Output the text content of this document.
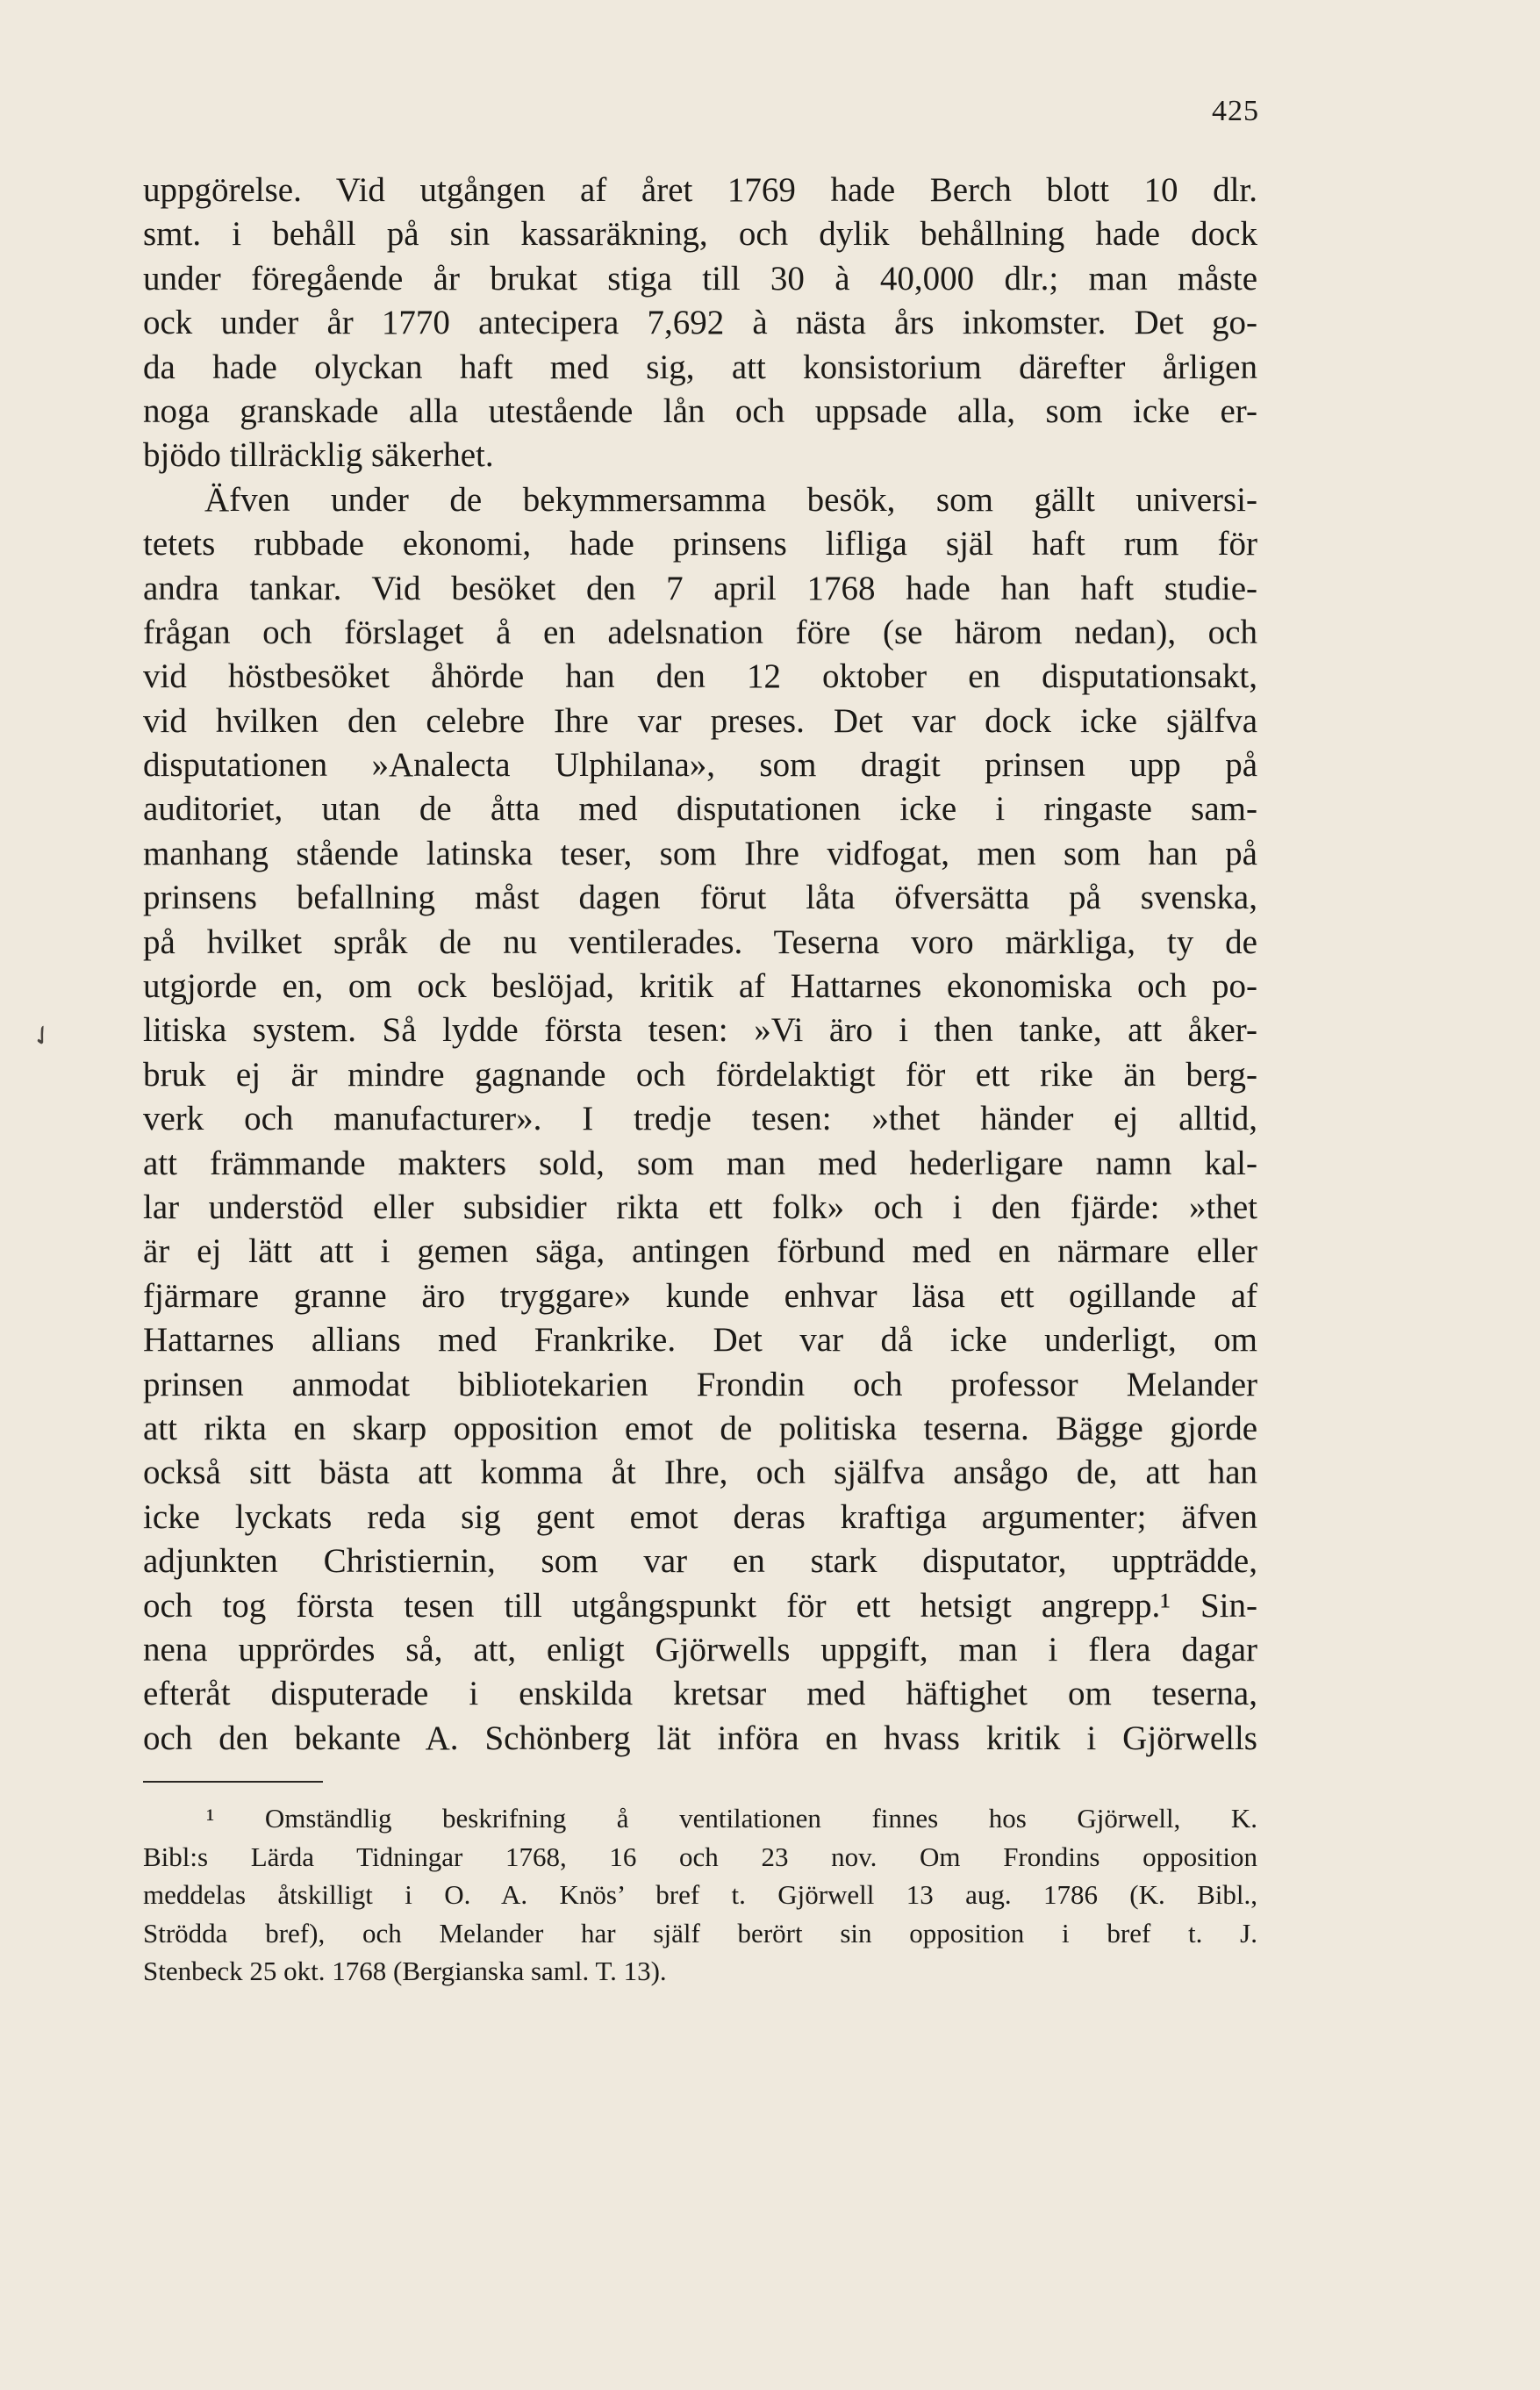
425
✓
uppgörelse. Vid utgången af året 1769 hade Berch blott 10 dlr.
smt. i behåll på sin kassaräkning, och dylik behållning hade dock
under föregående år brukat stiga till 30 à 40,000 dlr.; man måste
ock under år 1770 antecipera 7,692 à nästa års inkomster. Det go-
da hade olyckan haft med sig, att konsistorium därefter årligen
noga granskade alla utestående lån och uppsade alla, som icke er-
bjödo tillräcklig säkerhet.
Äfven under de bekymmersamma besök, som gällt universi-
tetets rubbade ekonomi, hade prinsens lifliga själ haft rum för
andra tankar. Vid besöket den 7 april 1768 hade han haft studie-
frågan och förslaget å en adelsnation före (se härom nedan), och
vid höstbesöket åhörde han den 12 oktober en disputationsakt,
vid hvilken den celebre Ihre var preses. Det var dock icke själfva
disputationen »Analecta Ulphilana», som dragit prinsen upp på
auditoriet, utan de åtta med disputationen icke i ringaste sam-
manhang stående latinska teser, som Ihre vidfogat, men som han på
prinsens befallning måst dagen förut låta öfversätta på svenska,
på hvilket språk de nu ventilerades. Teserna voro märkliga, ty de
utgjorde en, om ock beslöjad, kritik af Hattarnes ekonomiska och po-
litiska system. Så lydde första tesen: »Vi äro i then tanke, att åker-
bruk ej är mindre gagnande och fördelaktigt för ett rike än berg-
verk och manufacturer». I tredje tesen: »thet händer ej alltid,
att främmande makters sold, som man med hederligare namn kal-
lar understöd eller subsidier rikta ett folk» och i den fjärde: »thet
är ej lätt att i gemen säga, antingen förbund med en närmare eller
fjärmare granne äro tryggare» kunde enhvar läsa ett ogillande af
Hattarnes allians med Frankrike. Det var då icke underligt, om
prinsen anmodat bibliotekarien Frondin och professor Melander
att rikta en skarp opposition emot de politiska teserna. Bägge gjorde
också sitt bästa att komma åt Ihre, och själfva ansågo de, att han
icke lyckats reda sig gent emot deras kraftiga argumenter; äfven
adjunkten Christiernin, som var en stark disputator, uppträdde,
och tog första tesen till utgångspunkt för ett hetsigt angrepp.¹ Sin-
nena upprördes så, att, enligt Gjörwells uppgift, man i flera dagar
efteråt disputerade i enskilda kretsar med häftighet om teserna,
och den bekante A. Schönberg lät införa en hvass kritik i Gjörwells
¹ Omständlig beskrifning å ventilationen finnes hos Gjörwell, K.
Bibl:s Lärda Tidningar 1768, 16 och 23 nov. Om Frondins opposition
meddelas åtskilligt i O. A. Knös’ bref t. Gjörwell 13 aug. 1786 (K. Bibl.,
Strödda bref), och Melander har själf berört sin opposition i bref t. J.
Stenbeck 25 okt. 1768 (Bergianska saml. T. 13).
